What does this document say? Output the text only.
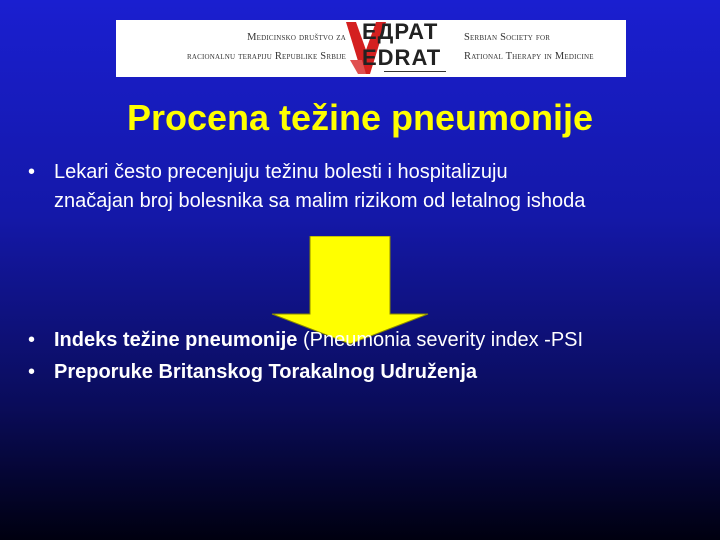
Medicinsko društvo za
racionalnu terapiju Republike Srbije
ЕДРАТ
EDRAT
Serbian Society for
Rational Therapy in Medicine
Procena težine pneumonije
• Lekari često precenjuju težinu bolesti i hospitalizuju
značajan broj bolesnika sa malim rizikom od letalnog ishoda
• Indeks težine pneumonije (Pneumonia severity index -PSI
• Preporuke Britanskog Torakalnog Udruženja
